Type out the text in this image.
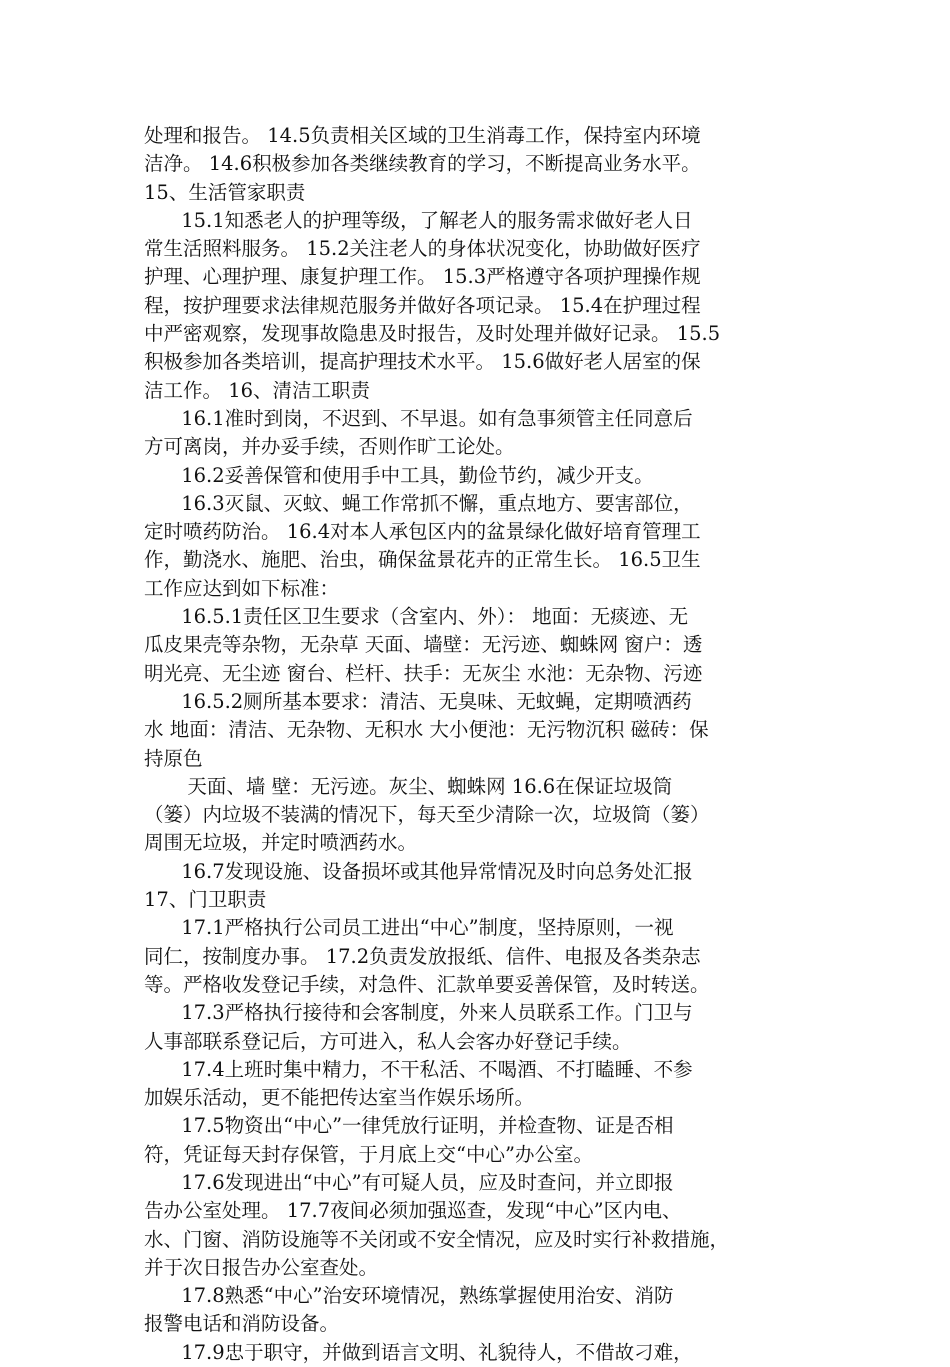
处理和报告。 14.5负责相关区域的卫生消毒工作，保持室内环境
洁净。 14.6积极参加各类继续教育的学习，不断提高业务水平。
15、生活管家职责
15.1知悉老人的护理等级，了解老人的服务需求做好老人日
常生活照料服务。 15.2关注老人的身体状况变化，协助做好医疗
护理、心理护理、康复护理工作。 15.3严格遵守各项护理操作规
程，按护理要求法律规范服务并做好各项记录。 15.4在护理过程
中严密观察，发现事故隐患及时报告，及时处理并做好记录。 15.5
积极参加各类培训，提高护理技术水平。 15.6做好老人居室的保
洁工作。 16、清洁工职责
16.1准时到岗，不迟到、不早退。如有急事须管主任同意后
方可离岗，并办妥手续，否则作旷工论处。
16.2妥善保管和使用手中工具，勤俭节约，减少开支。
16.3灭鼠、灭蚊、蝇工作常抓不懈，重点地方、要害部位，
定时喷药防治。 16.4对本人承包区内的盆景绿化做好培育管理工
作，勤浇水、施肥、治虫，确保盆景花卉的正常生长。 16.5卫生
工作应达到如下标准：
16.5.1责任区卫生要求（含室内、外）： 地面：无痰迹、无
瓜皮果壳等杂物，无杂草 天面、墙壁：无污迹、蜘蛛网 窗户：透
明光亮、无尘迹 窗台、栏杆、扶手：无灰尘 水池：无杂物、污迹
16.5.2厕所基本要求：清洁、无臭味、无蚊蝇，定期喷洒药
水 地面：清洁、无杂物、无积水 大小便池：无污物沉积 磁砖：保
持原色
天面、墙 壁：无污迹。灰尘、蜘蛛网 16.6在保证垃圾筒
（篓）内垃圾不装满的情况下，每天至少清除一次，垃圾筒（篓）
周围无垃圾，并定时喷洒药水。
16.7发现设施、设备损坏或其他异常情况及时向总务处汇报
17、门卫职责
17.1严格执行公司员工进出“中心”制度，坚持原则，一视
同仁，按制度办事。 17.2负责发放报纸、信件、电报及各类杂志
等。严格收发登记手续，对急件、汇款单要妥善保管，及时转送。
17.3严格执行接待和会客制度，外来人员联系工作。门卫与
人事部联系登记后，方可进入，私人会客办好登记手续。
17.4上班时集中精力，不干私活、不喝酒、不打瞌睡、不参
加娱乐活动，更不能把传达室当作娱乐场所。
17.5物资出“中心”一律凭放行证明，并检查物、证是否相
符，凭证每天封存保管，于月底上交“中心”办公室。
17.6发现进出“中心”有可疑人员，应及时查问，并立即报
告办公室处理。 17.7夜间必须加强巡查，发现“中心”区内电、
水、门窗、消防设施等不关闭或不安全情况，应及时实行补救措施，
并于次日报告办公室查处。
17.8熟悉“中心”治安环境情况，熟练掌握使用治安、消防
报警电话和消防设备。
17.9忠于职守，并做到语言文明、礼貌待人，不借故刁难，
